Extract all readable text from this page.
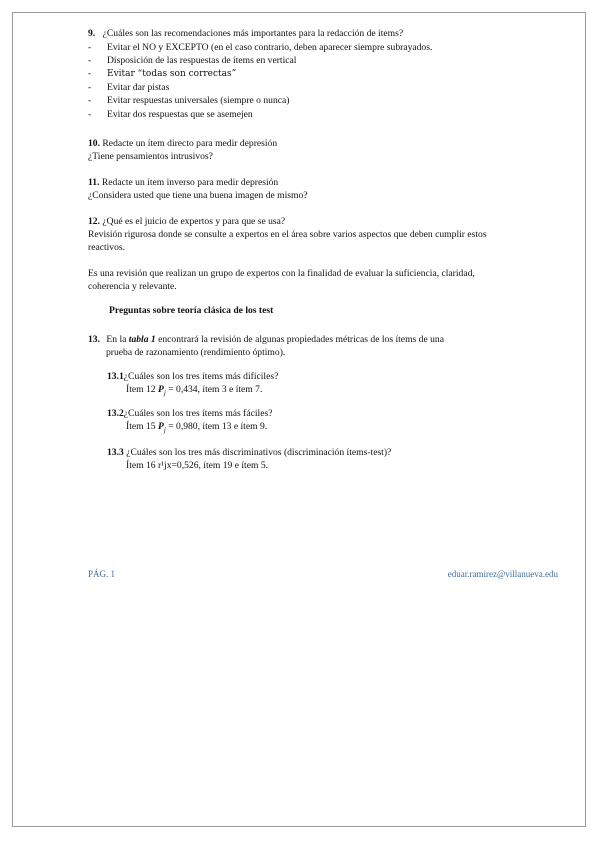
9. ¿Cuáles son las recomendaciones más importantes para la redacción de ítems?
- Evitar el NO y EXCEPTO (en el caso contrario, deben aparecer siempre subrayados.
- Disposición de las respuestas de ítems en vertical
- Evitar “todas son correctas”
- Evitar dar pistas
- Evitar respuestas universales (siempre o nunca)
- Evitar dos respuestas que se asemejen
10. Redacte un ítem directo para medir depresión
¿Tiene pensamientos intrusivos?
11. Redacte un ítem inverso para medir depresión
¿Considera usted que tiene una buena imagen de mismo?
12. ¿Qué es el juicio de expertos y para que se usa?
Revisión rigurosa donde se consulte a expertos en el área sobre varios aspectos que deben cumplir estos
reactivos.
Es una revisión que realizan un grupo de expertos con la finalidad de evaluar la suficiencia, claridad,
coherencia y relevante.
Preguntas sobre teoría clásica de los test
13. En la tabla 1 encontrará la revisión de algunas propiedades métricas de los ítems de una
prueba de razonamiento (rendimiento óptimo).
13.1¿Cuáles son los tres ítems más difíciles?
Ítem 12 $P_j = 0,434$, ítem 3 e ítem 7.
13.2¿Cuáles son los tres ítems más fáciles?
Ítem 15 $P_j = 0,980$, ítem 13 e ítem 9.
13.3 ¿Cuáles son los tres más discriminativos (discriminación ítems-test)?
Ítem 16 r¹jx=0,526, ítem 19 e ítem 5.
PÁG. 1	eduar.ramirez@villanueva.edu
